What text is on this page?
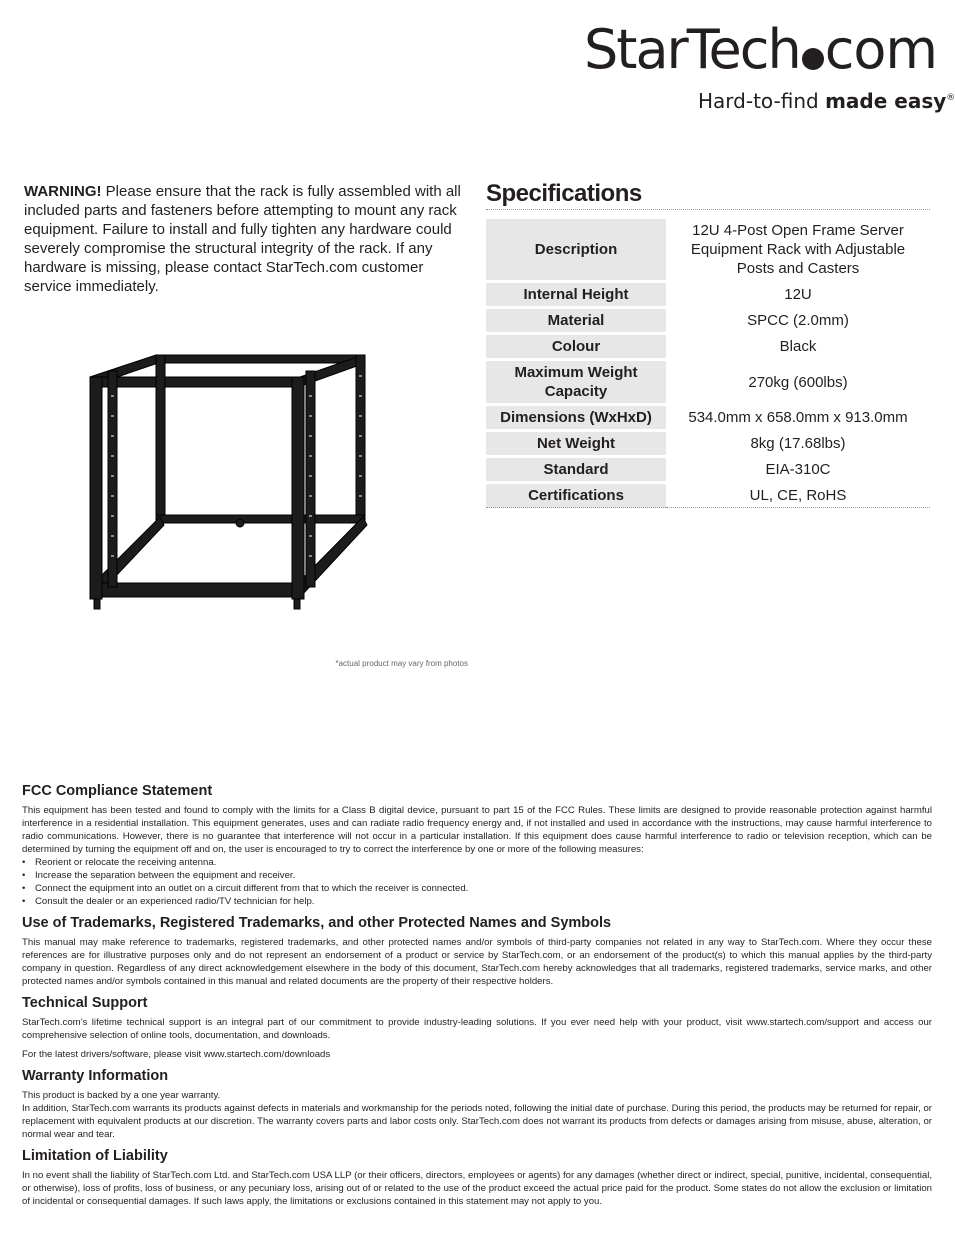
StarTech com
Hard-to-find made easy®

WARNING! Please ensure that the rack is fully assembled with all included parts and fasteners before attempting to mount any rack equipment. Failure to install and fully tighten any hardware could severely compromise the structural integrity of the rack. If any hardware is missing, please contact StarTech.com customer service immediately.

*actual product may vary from photos
Specifications
Description	12U 4-Post Open Frame Server Equipment Rack with Adjustable Posts and Casters
Internal Height	12U
Material	SPCC (2.0mm)
Colour	Black
Maximum Weight Capacity	270kg (600lbs)
Dimensions (WxHxD)	534.0mm x 658.0mm x 913.0mm
Net Weight	8kg (17.68lbs)
Standard	EIA-310C
Certifications	UL, CE, RoHS
FCC Compliance Statement

This equipment has been tested and found to comply with the limits for a Class B digital device, pursuant to part 15 of the FCC Rules. These limits are designed to provide reasonable protection against harmful interference in a residential installation. This equipment generates, uses and can radiate radio frequency energy and, if not installed and used in accordance with the instructions, may cause harmful interference to radio communications. However, there is no guarantee that interference will not occur in a particular installation. If this equipment does cause harmful interference to radio or television reception, which can be determined by turning the equipment off and on, the user is encouraged to try to correct the interference by one or more of the following measures:

• Reorient or relocate the receiving antenna.
• Increase the separation between the equipment and receiver.
• Connect the equipment into an outlet on a circuit different from that to which the receiver is connected.
• Consult the dealer or an experienced radio/TV technician for help.
Use of Trademarks, Registered Trademarks, and other Protected Names and Symbols

This manual may make reference to trademarks, registered trademarks, and other protected names and/or symbols of third-party companies not related in any way to StarTech.com. Where they occur these references are for illustrative purposes only and do not represent an endorsement of a product or service by StarTech.com, or an endorsement of the product(s) to which this manual applies by the third-party company in question. Regardless of any direct acknowledgement elsewhere in the body of this document, StarTech.com hereby acknowledges that all trademarks, registered trademarks, service marks, and other protected names and/or symbols contained in this manual and related documents are the property of their respective holders.

Technical Support

StarTech.com’s lifetime technical support is an integral part of our commitment to provide industry-leading solutions. If you ever need help with your product, visit www.startech.com/support and access our comprehensive selection of online tools, documentation, and downloads.

For the latest drivers/software, please visit www.startech.com/downloads

Warranty Information

This product is backed by a one year warranty.

In addition, StarTech.com warrants its products against defects in materials and workmanship for the periods noted, following the initial date of purchase. During this period, the products may be returned for repair, or replacement with equivalent products at our discretion. The warranty covers parts and labor costs only. StarTech.com does not warrant its products from defects or damages arising from misuse, abuse, alteration, or normal wear and tear.

Limitation of Liability

In no event shall the liability of StarTech.com Ltd. and StarTech.com USA LLP (or their officers, directors, employees or agents) for any damages (whether direct or indirect, special, punitive, incidental, consequential, or otherwise), loss of profits, loss of business, or any pecuniary loss, arising out of or related to the use of the product exceed the actual price paid for the product. Some states do not allow the exclusion or limitation of incidental or consequential damages. If such laws apply, the limitations or exclusions contained in this statement may not apply to you.
